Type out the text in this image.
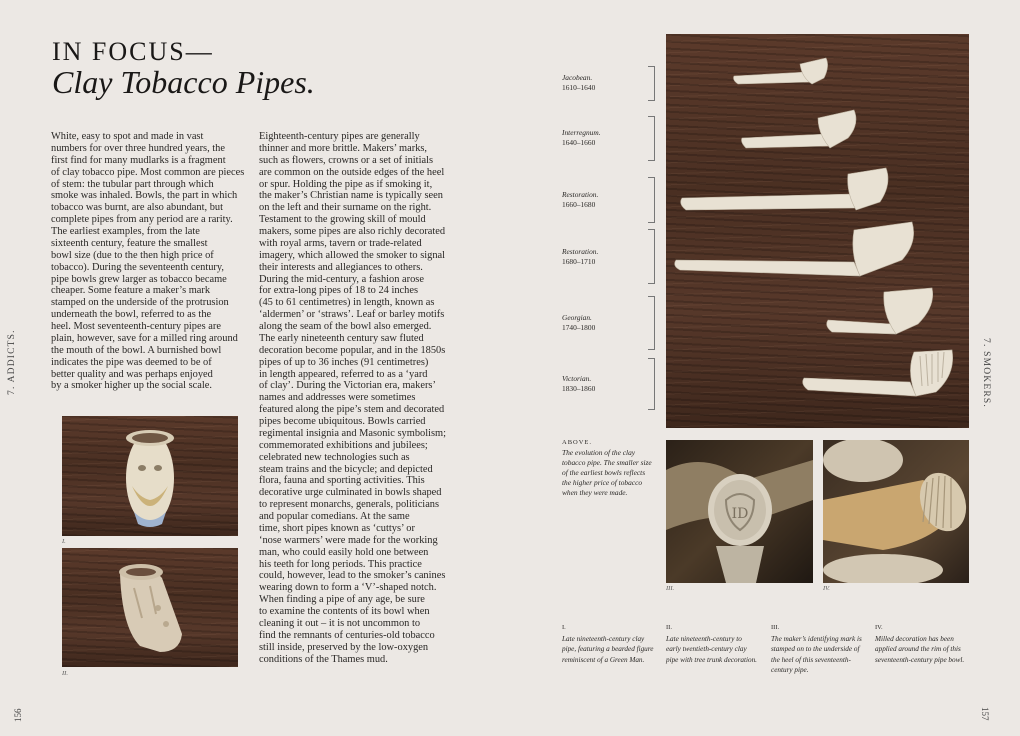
IN FOCUS—
Clay Tobacco Pipes.
7. ADDICTS.
156
White, easy to spot and made in vast
numbers for over three hundred years, the
first find for many mudlarks is a fragment
of clay tobacco pipe. Most common are pieces
of stem: the tubular part through which
smoke was inhaled. Bowls, the part in which
tobacco was burnt, are also abundant, but
complete pipes from any period are a rarity.
The earliest examples, from the late
sixteenth century, feature the smallest
bowl size (due to the then high price of
tobacco). During the seventeenth century,
pipe bowls grew larger as tobacco became
cheaper. Some feature a maker’s mark
stamped on the underside of the protrusion
underneath the bowl, referred to as the
heel. Most seventeenth-century pipes are
plain, however, save for a milled ring around
the mouth of the bowl. A burnished bowl
indicates the pipe was deemed to be of
better quality and was perhaps enjoyed
by a smoker higher up the social scale.
Eighteenth-century pipes are generally
thinner and more brittle. Makers’ marks,
such as flowers, crowns or a set of initials
are common on the outside edges of the heel
or spur. Holding the pipe as if smoking it,
the maker’s Christian name is typically seen
on the left and their surname on the right.
Testament to the growing skill of mould
makers, some pipes are also richly decorated
with royal arms, tavern or trade-related
imagery, which allowed the smoker to signal
their interests and allegiances to others.
During the mid-century, a fashion arose
for extra-long pipes of 18 to 24 inches
(45 to 61 centimetres) in length, known as
‘aldermen’ or ‘straws’. Leaf or barley motifs
along the seam of the bowl also emerged.
The early nineteenth century saw fluted
decoration become popular, and in the 1850s
pipes of up to 36 inches (91 centimetres)
in length appeared, referred to as a ‘yard
of clay’. During the Victorian era, makers’
names and addresses were sometimes
featured along the pipe’s stem and decorated
pipes become ubiquitous. Bowls carried
regimental insignia and Masonic symbolism;
commemorated exhibitions and jubilees;
celebrated new technologies such as
steam trains and the bicycle; and depicted
flora, fauna and sporting activities. This
decorative urge culminated in bowls shaped
to represent monarchs, generals, politicians
and popular comedians. At the same
time, short pipes known as ‘cuttys’ or
‘nose warmers’ were made for the working
man, who could easily hold one between
his teeth for long periods. This practice
could, however, lead to the smoker’s canines
wearing down to form a ‘V’-shaped notch.
When finding a pipe of any age, be sure
to examine the contents of its bowl when
cleaning it out – it is not uncommon to
find the remnants of centuries-old tobacco
still inside, preserved by the low-oxygen
conditions of the Thames mud.
I.
II.
7. SMOKERS.
157
Jacobean.
1610–1640
Interregnum.
1640–1660
Restoration.
1660–1680
Restoration.
1680–1710
Georgian.
1740–1800
Victorian.
1830–1860
ABOVE.
The evolution of the clay tobacco pipe. The smaller size of the earliest bowls reflects the higher price of tobacco when they were made.
ID
III.	IV.
I.
Late nineteenth-century clay pipe, featuring a bearded figure reminiscent of a Green Man.
II.
Late nineteenth-century to early twentieth-century clay pipe with tree trunk decoration.
III.
The maker’s identifying mark is stamped on to the underside of the heel of this seventeenth-century pipe.
IV.
Milled decoration has been applied around the rim of this seventeenth-century pipe bowl.
